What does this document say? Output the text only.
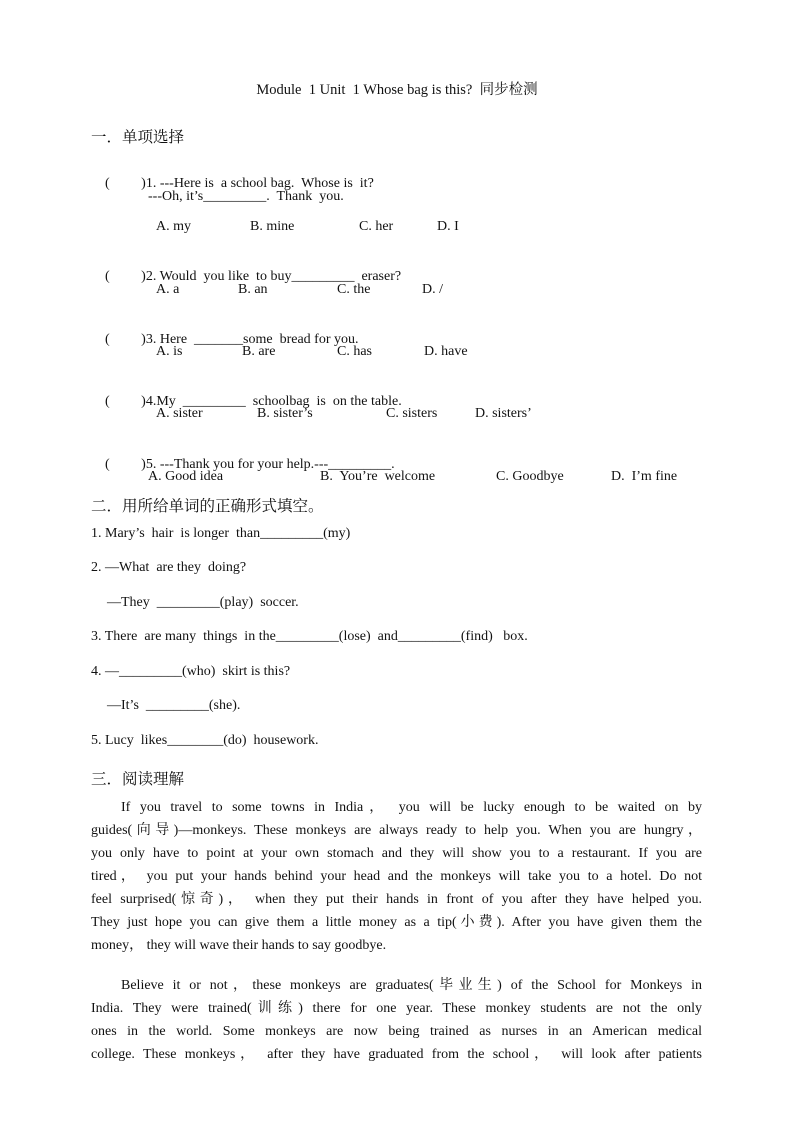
Module  1 Unit  1 Whose bag is this?  同步检测
一．单项选择

(         )1. ---Here is  a school bag.  Whose is  it?

---Oh, it’s_________.  Thank  you.

A. my

	B. mine

	C. her

	D. I

(         )2. Would  you like  to buy_________  eraser?

A. a

	B. an

	C. the

	D. /

(         )3. Here  _______some  bread for you.

A. is

	B. are

	C. has

	D. have

(         )4.My  _________  schoolbag  is  on the table.

A. sister

	B. sister’s

	C. sisters

	D. sisters’

(         )5. ---Thank you for your help.---_________.

A. Good idea

	B.  You’re  welcome

	C. Goodbye

	D.  I’m fine

二．用所给单词的正确形式填空。
1. Mary’s  hair  is longer  than_________(my)
2. —What  are they  doing?
—They  _________(play)  soccer.
3. There  are many  things  in the_________(lose)  and_________(find)   box.
4. —_________(who)  skirt is this?
—It’s  _________(she).
5. Lucy  likes________(do)  housework.
三．阅读理解
If you travel to some towns in India， you will be lucky enough to be waited on by
guides(向导)—monkeys. These monkeys are always ready to help you. When you are hungry，
you only have to point at your own stomach and they will show you to a restaurant. If you are
tired， you put your hands behind your head and the monkeys will take you to a hotel. Do not
feel surprised(惊奇)， when they put their hands in front of you after they have helped you.
They just hope you can give them a little money as a tip(小费). After you have given them the
money， they will wave their hands to say goodbye.
Believe it or not，these monkeys are graduates(毕业生) of the School for Monkeys in
India. They were trained(训练) there for one year. These monkey students are not the only
ones in the world. Some monkeys are now being trained as nurses in an American medical
college. These monkeys， after they have graduated from the school， will look after patients
